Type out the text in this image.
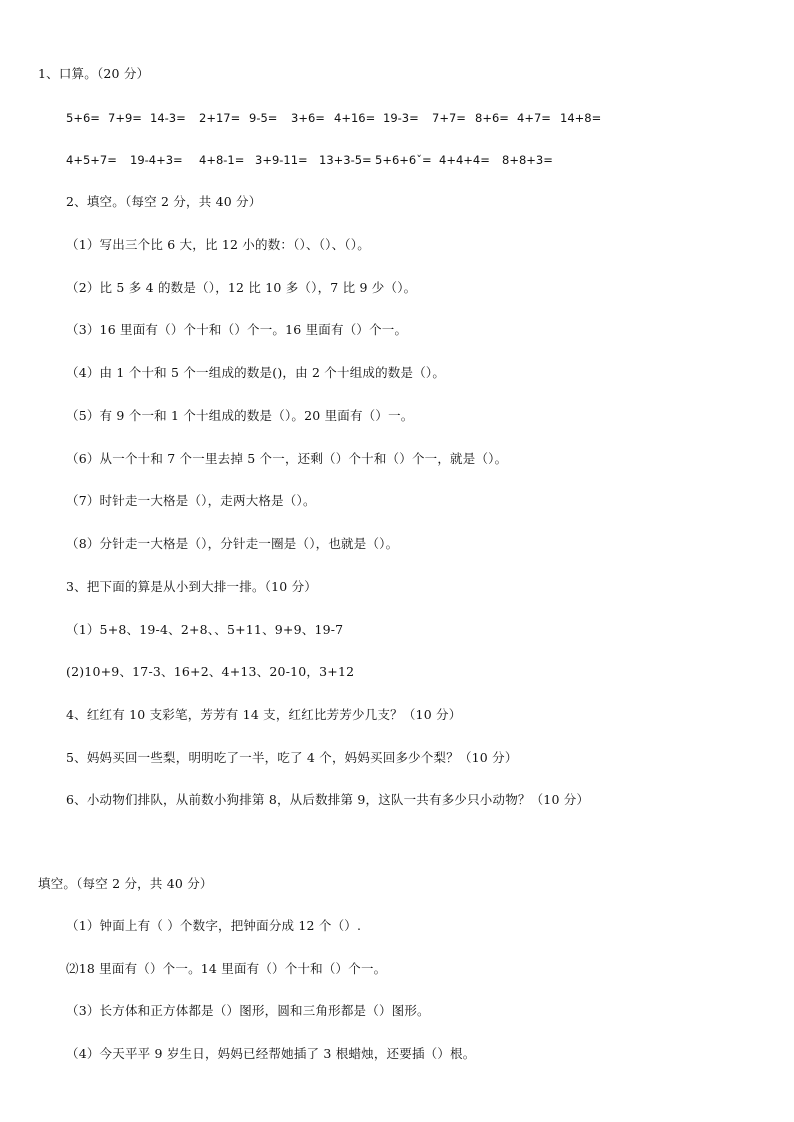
1、口算。（20 分）
5+6= 7+9= 14-3= 2+17= 9-5= 3+6= 4+16= 19-3= 7+7= 8+6= 4+7= 14+8=
4+5+7= 19-4+3= 4+8-1= 3+9-11= 13+3-5= 5+6+6ˇ= 4+4+4= 8+8+3=
2、填空。（每空 2 分，共 40 分）
（1）写出三个比 6 大，比 12 小的数：（）、（）、（）。
（2）比 5 多 4 的数是（），12 比 10 多（），7 比 9 少（）。
（3）16 里面有（）个十和（）个一。16 里面有（）个一。
（4）由 1 个十和 5 个一组成的数是()，由 2 个十组成的数是（）。
（5）有 9 个一和 1 个十组成的数是（）。20 里面有（）一。
（6）从一个十和 7 个一里去掉 5 个一，还剩（）个十和（）个一，就是（）。
（7）时针走一大格是（），走两大格是（）。
（8）分针走一大格是（），分针走一圈是（），也就是（）。
3、把下面的算是从小到大排一排。（10 分）
（1）5+8、19-4、2+8、、5+11、9+9、19-7
(2)10+9、17-3、16+2、4+13、20-10，3+12
4、红红有 10 支彩笔，芳芳有 14 支，红红比芳芳少几支？（10 分）
5、妈妈买回一些梨，明明吃了一半，吃了 4 个，妈妈买回多少个梨？（10 分）
6、小动物们排队，从前数小狗排第 8，从后数排第 9，这队一共有多少只小动物？（10 分）
填空。（每空 2 分，共 40 分）
（1）钟面上有（ ）个数字，把钟面分成 12 个（）.
⑵18 里面有（）个一。14 里面有（）个十和（）个一。
（3）长方体和正方体都是（）图形，圆和三角形都是（）图形。
（4）今天平平 9 岁生日，妈妈已经帮她插了 3 根蜡烛，还要插（）根。
